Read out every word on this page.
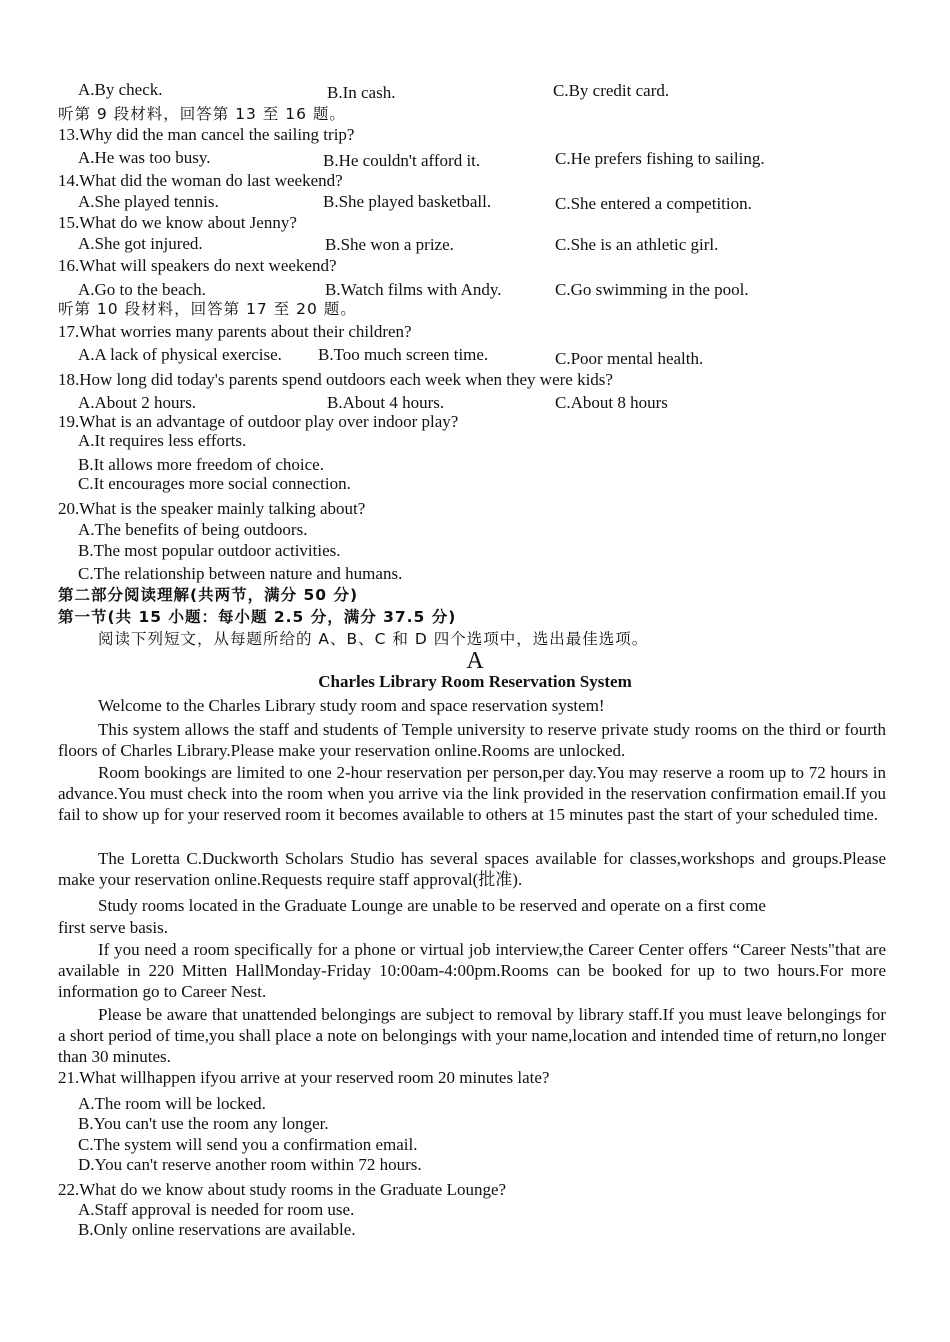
A.By check.	B.In cash.	C.By credit card.
听第 9 段材料，回答第 13 至 16 题。
13.Why did the man cancel the sailing trip?
A.He was too busy.	B.He couldn't afford it.	C.He prefers fishing to sailing.
14.What did the woman do last weekend?
A.She played tennis.	B.She played basketball.	C.She entered a competition.
15.What do we know about Jenny?
A.She got injured.	B.She won a prize.	C.She is an athletic girl.
16.What will speakers do next weekend?
A.Go to the beach.	B.Watch films with Andy.	C.Go swimming in the pool.
听第 10 段材料，回答第 17 至 20 题。
17.What worries many parents about their children?
A.A lack of physical exercise. B.Too much screen time.	C.Poor mental health.
18.How long did today's parents spend outdoors each week when they were kids?
A.About 2 hours.	B.About 4 hours.	C.About 8 hours
19.What is an advantage of outdoor play over indoor play?
A.It requires less efforts.
B.It allows more freedom of choice.
C.It encourages more social connection.
20.What is the speaker mainly talking about?
A.The benefits of being outdoors.
B.The most popular outdoor activities.
C.The relationship between nature and humans.
第二部分阅读理解(共两节，满分 50 分)
第一节(共 15 小题：每小题 2.5 分，满分 37.5 分)
阅读下列短文，从每题所给的 A、B、C 和 D 四个选项中，选出最佳选项。
A
Charles Library Room Reservation System
Welcome to the Charles Library study room and space reservation system!
This system allows the staff and students of Temple university to reserve private study rooms on the third or fourth floors of Charles Library.Please make your reservation online.Rooms are unlocked.
Room bookings are limited to one 2-hour reservation per person,per day.You may reserve a room up to 72 hours in advance.You must check into the room when you arrive via the link provided in the reservation confirmation email.If you fail to show up for your reserved room it becomes available to others at 15 minutes past the start of your scheduled time.
The Loretta C.Duckworth Scholars Studio has several spaces available for classes,workshops and groups.Please make your reservation online.Requests require staff approval(批准).
Study rooms located in the Graduate Lounge are unable to be reserved and operate on a first come
first serve basis.
If you need a room specifically for a phone or virtual job interview,the Career Center offers “Career Nests"that are available in 220 Mitten HallMonday-Friday 10:00am-4:00pm.Rooms can be booked for up to two hours.For more information go to Career Nest.
Please be aware that unattended belongings are subject to removal by library staff.If you must leave belongings for a short period of time,you shall place a note on belongings with your name,location and intended time of return,no longer than 30 minutes.
21.What willhappen ifyou arrive at your reserved room 20 minutes late?
A.The room will be locked.
B.You can't use the room any longer.
C.The system will send you a confirmation email.
D.You can't reserve another room within 72 hours.
22.What do we know about study rooms in the Graduate Lounge?
A.Staff approval is needed for room use.
B.Only online reservations are available.
